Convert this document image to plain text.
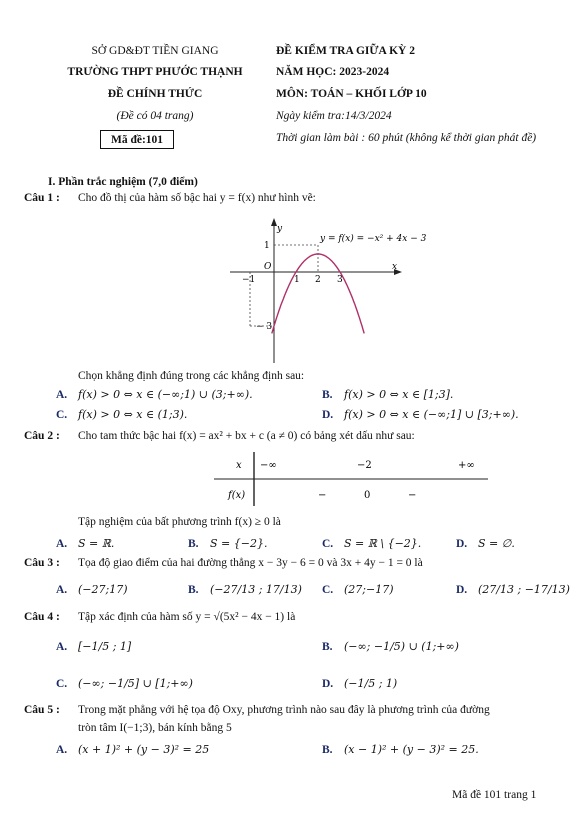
SỞ GD&ĐT TIỀN GIANG
TRƯỜNG THPT PHƯỚC THẠNH
ĐỀ CHÍNH THỨC
(Đề có 04 trang)
Mã đề:101
ĐỀ KIỂM TRA GIỮA KỲ 2
NĂM HỌC: 2023-2024
MÔN: TOÁN – KHỐI LỚP 10
Ngày kiểm tra:14/3/2024
Thời gian làm bài : 60 phút (không kể thời gian phát đề)
I. Phần trắc nghiệm (7,0 điểm)
Câu 1 : Cho đồ thị của hàm số bậc hai y = f(x) như hình vẽ:
y
x
O
−1	1 2 3
1
− 3
y = f(x) = −x² + 4x − 3
Chọn khẳng định đúng trong các khẳng định sau:
A. f(x) > 0 ⇔ x ∈ (−∞;1) ∪ (3;+∞).	B. f(x) > 0 ⇔ x ∈ [1;3].
C. f(x) > 0 ⇔ x ∈ (1;3).	D. f(x) > 0 ⇔ x ∈ (−∞;1] ∪ [3;+∞).
Câu 2 : Cho tam thức bậc hai f(x) = ax² + bx + c (a ≠ 0) có bảng xét dấu như sau:
x −∞	−2	+∞
f(x)	−	0	−
Tập nghiệm của bất phương trình f(x) ≥ 0 là
A. S = ℝ.	B. S = {−2}.	C. S = ℝ \ {−2}.	D. S = ∅.
Câu 3 : Tọa độ giao điểm của hai đường thẳng x − 3y − 6 = 0 và 3x + 4y − 1 = 0 là
A. (−27;17)	B. (−27/13 ; 17/13) C. (27;−17)	D. (27/13 ; −17/13)
Câu 4 : Tập xác định của hàm số y = √(5x² − 4x − 1) là
A. [−1/5 ; 1]	B. (−∞; −1/5) ∪ (1;+∞)
C. (−∞; −1/5] ∪ [1;+∞)	D. (−1/5 ; 1)
Câu 5 : Trong mặt phẳng với hệ tọa độ Oxy, phương trình nào sau đây là phương trình của đường
tròn tâm I(−1;3), bán kính bằng 5
A. (x + 1)² + (y − 3)² = 25	B. (x − 1)² + (y − 3)² = 25.
Mã đề 101 trang 1
